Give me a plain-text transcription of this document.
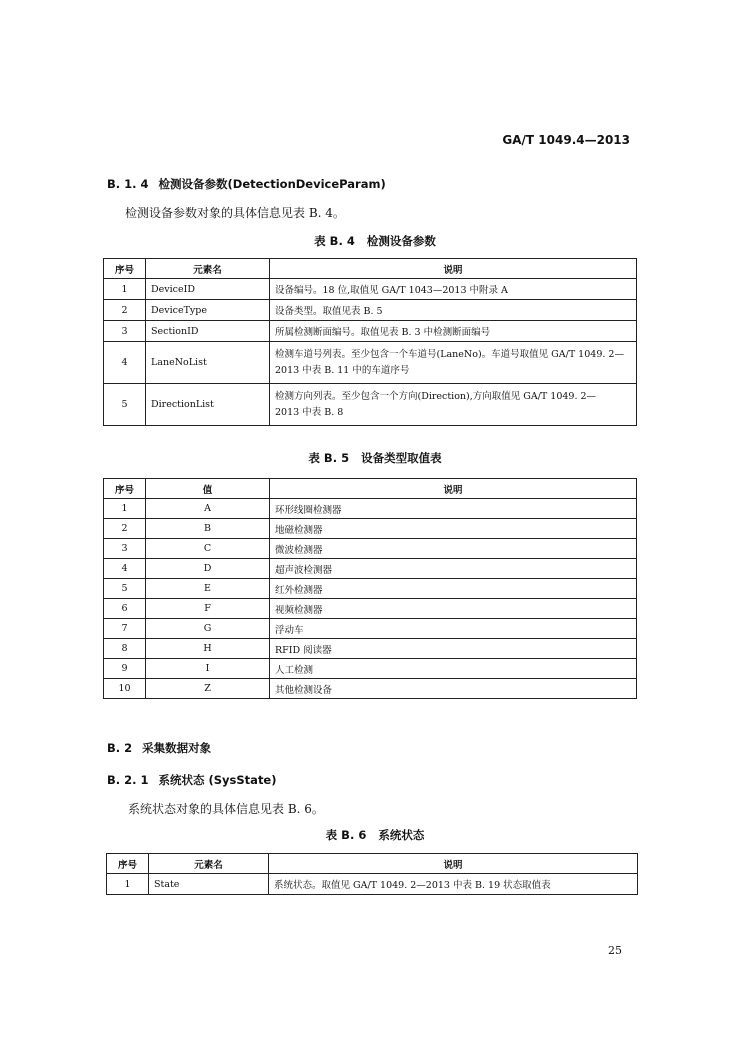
GA/T 1049.4—2013
B. 1. 4 检测设备参数(DetectionDeviceParam)
检测设备参数对象的具体信息见表 B. 4。
表 B. 4 检测设备参数
序号	元素名	说明
1	DeviceID	设备编号。18 位,取值见 GA/T 1043—2013 中附录 A
2	DeviceType	设备类型。取值见表 B. 5
3	SectionID	所属检测断面编号。取值见表 B. 3 中检测断面编号
4	LaneNoList	检测车道号列表。至少包含一个车道号(LaneNo)。车道号取值见 GA/T 1049. 2—
2013 中表 B. 11 中的车道序号

5	DirectionList	检测方向列表。至少包含一个方向(Direction),方向取值见 GA/T 1049. 2—
2013 中表 B. 8
表 B. 5 设备类型取值表
序号	值	说明
1	A	环形线圈检测器
2	B	地磁检测器
3	C	微波检测器
4	D	超声波检测器
5	E	红外检测器
6	F	视频检测器
7	G	浮动车
8	H	RFID 阅读器
9	I	人工检测
10	Z	其他检测设备
B. 2 采集数据对象
B. 2. 1 系统状态 (SysState)
系统状态对象的具体信息见表 B. 6。
表 B. 6 系统状态
序号	元素名	说明
1	State	系统状态。取值见 GA/T 1049. 2—2013 中表 B. 19 状态取值表
25
